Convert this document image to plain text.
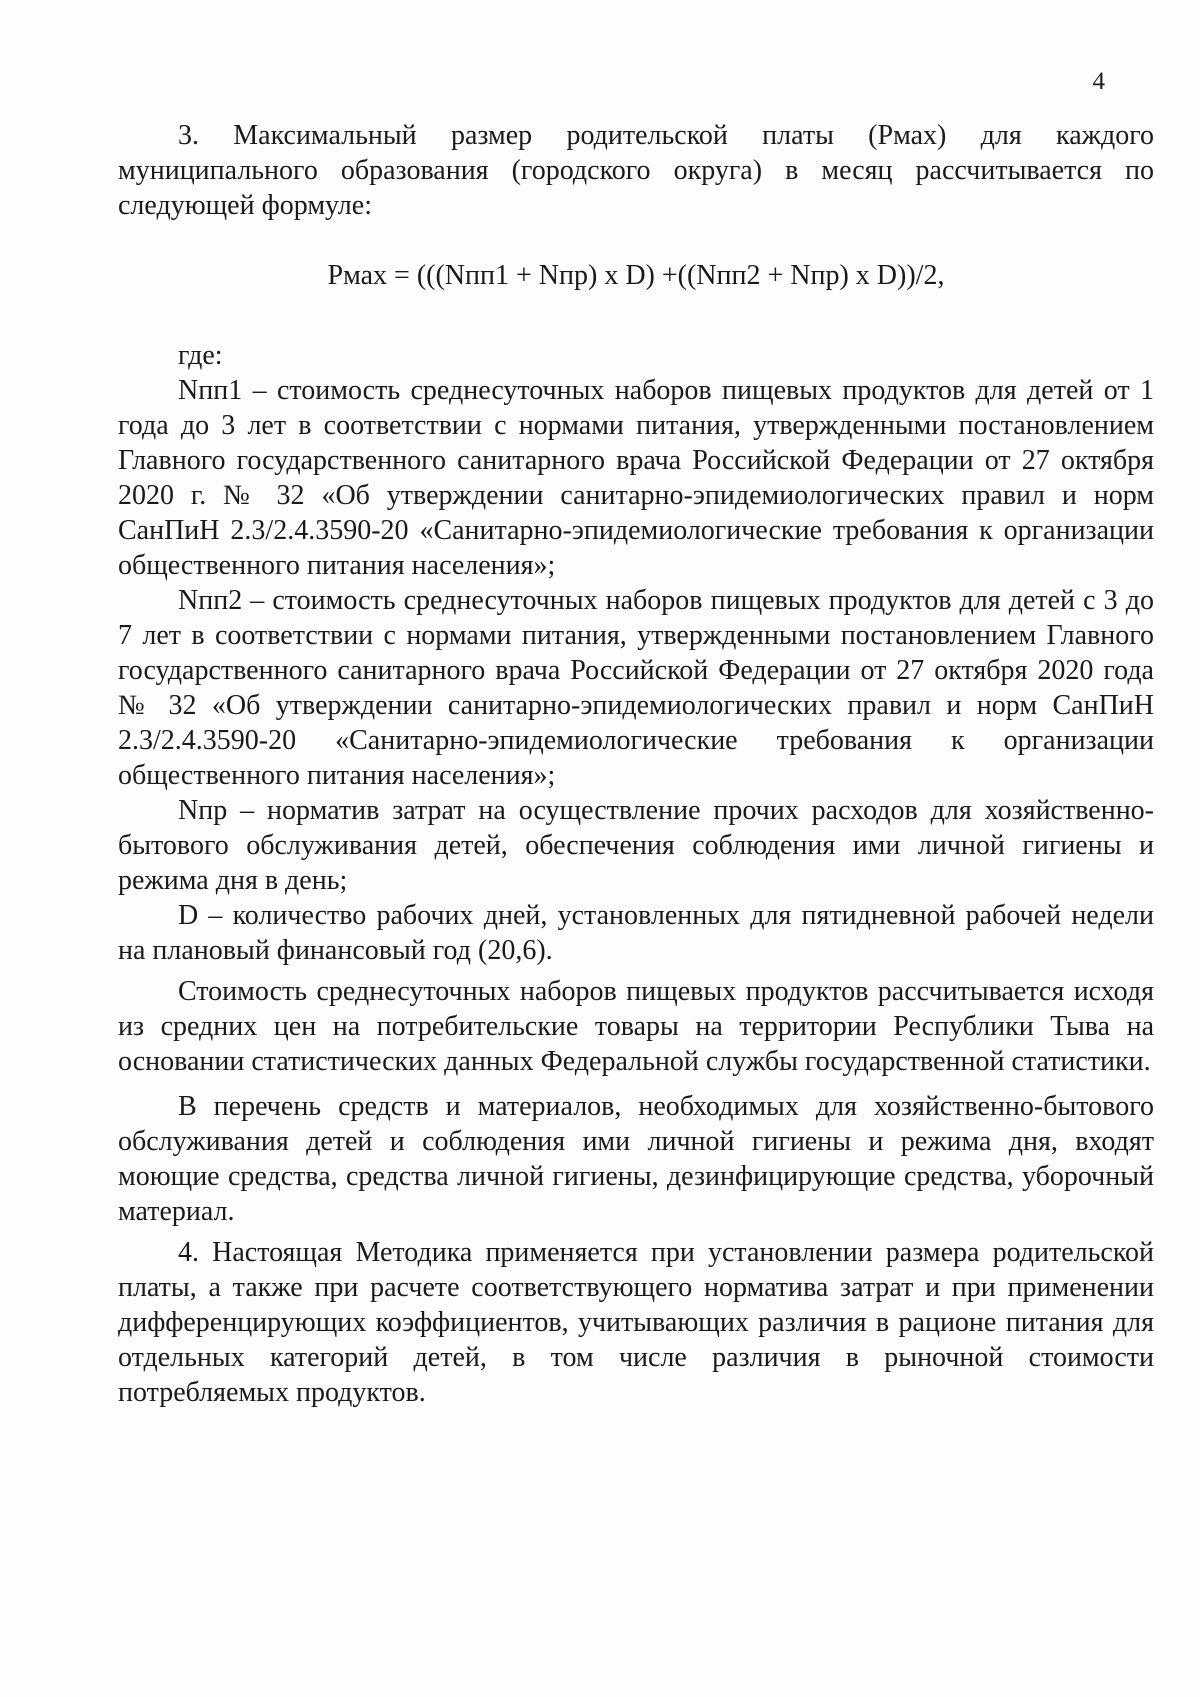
4

3. Максимальный размер родительской платы (Рмах) для каждого муниципального образования (городского округа) в месяц рассчитывается по следующей формуле:

Рмах = (((Nпп1 + Nпр) х D) +((Nпп2 + Nпр) х D))/2,

где:

Nпп1 – стоимость среднесуточных наборов пищевых продуктов для детей от 1 года до 3 лет в соответствии с нормами питания, утвержденными постановлением Главного государственного санитарного врача Российской Федерации от 27 октября 2020 г. № 32 «Об утверждении санитарно-эпидемиологических правил и норм СанПиН 2.3/2.4.3590-20 «Санитарно-эпидемиологические требования к организации общественного питания населения»;

Nпп2 – стоимость среднесуточных наборов пищевых продуктов для детей с 3 до 7 лет в соответствии с нормами питания, утвержденными постановлением Главного государственного санитарного врача Российской Федерации от 27 октября 2020 года № 32 «Об утверждении санитарно-эпидемиологических правил и норм СанПиН 2.3/2.4.3590-20 «Санитарно-эпидемиологические требования к организации общественного питания населения»;

Nпр – норматив затрат на осуществление прочих расходов для хозяйственно-бытового обслуживания детей, обеспечения соблюдения ими личной гигиены и режима дня в день;

D – количество рабочих дней, установленных для пятидневной рабочей недели на плановый финансовый год (20,6).

Стоимость среднесуточных наборов пищевых продуктов рассчитывается исходя из средних цен на потребительские товары на территории Республики Тыва на основании статистических данных Федеральной службы государственной статистики.

В перечень средств и материалов, необходимых для хозяйственно-бытового обслуживания детей и соблюдения ими личной гигиены и режима дня, входят моющие средства, средства личной гигиены, дезинфицирующие средства, уборочный материал.

4. Настоящая Методика применяется при установлении размера родительской платы, а также при расчете соответствующего норматива затрат и при применении дифференцирующих коэффициентов, учитывающих различия в рационе питания для отдельных категорий детей, в том числе различия в рыночной стоимости потребляемых продуктов.
